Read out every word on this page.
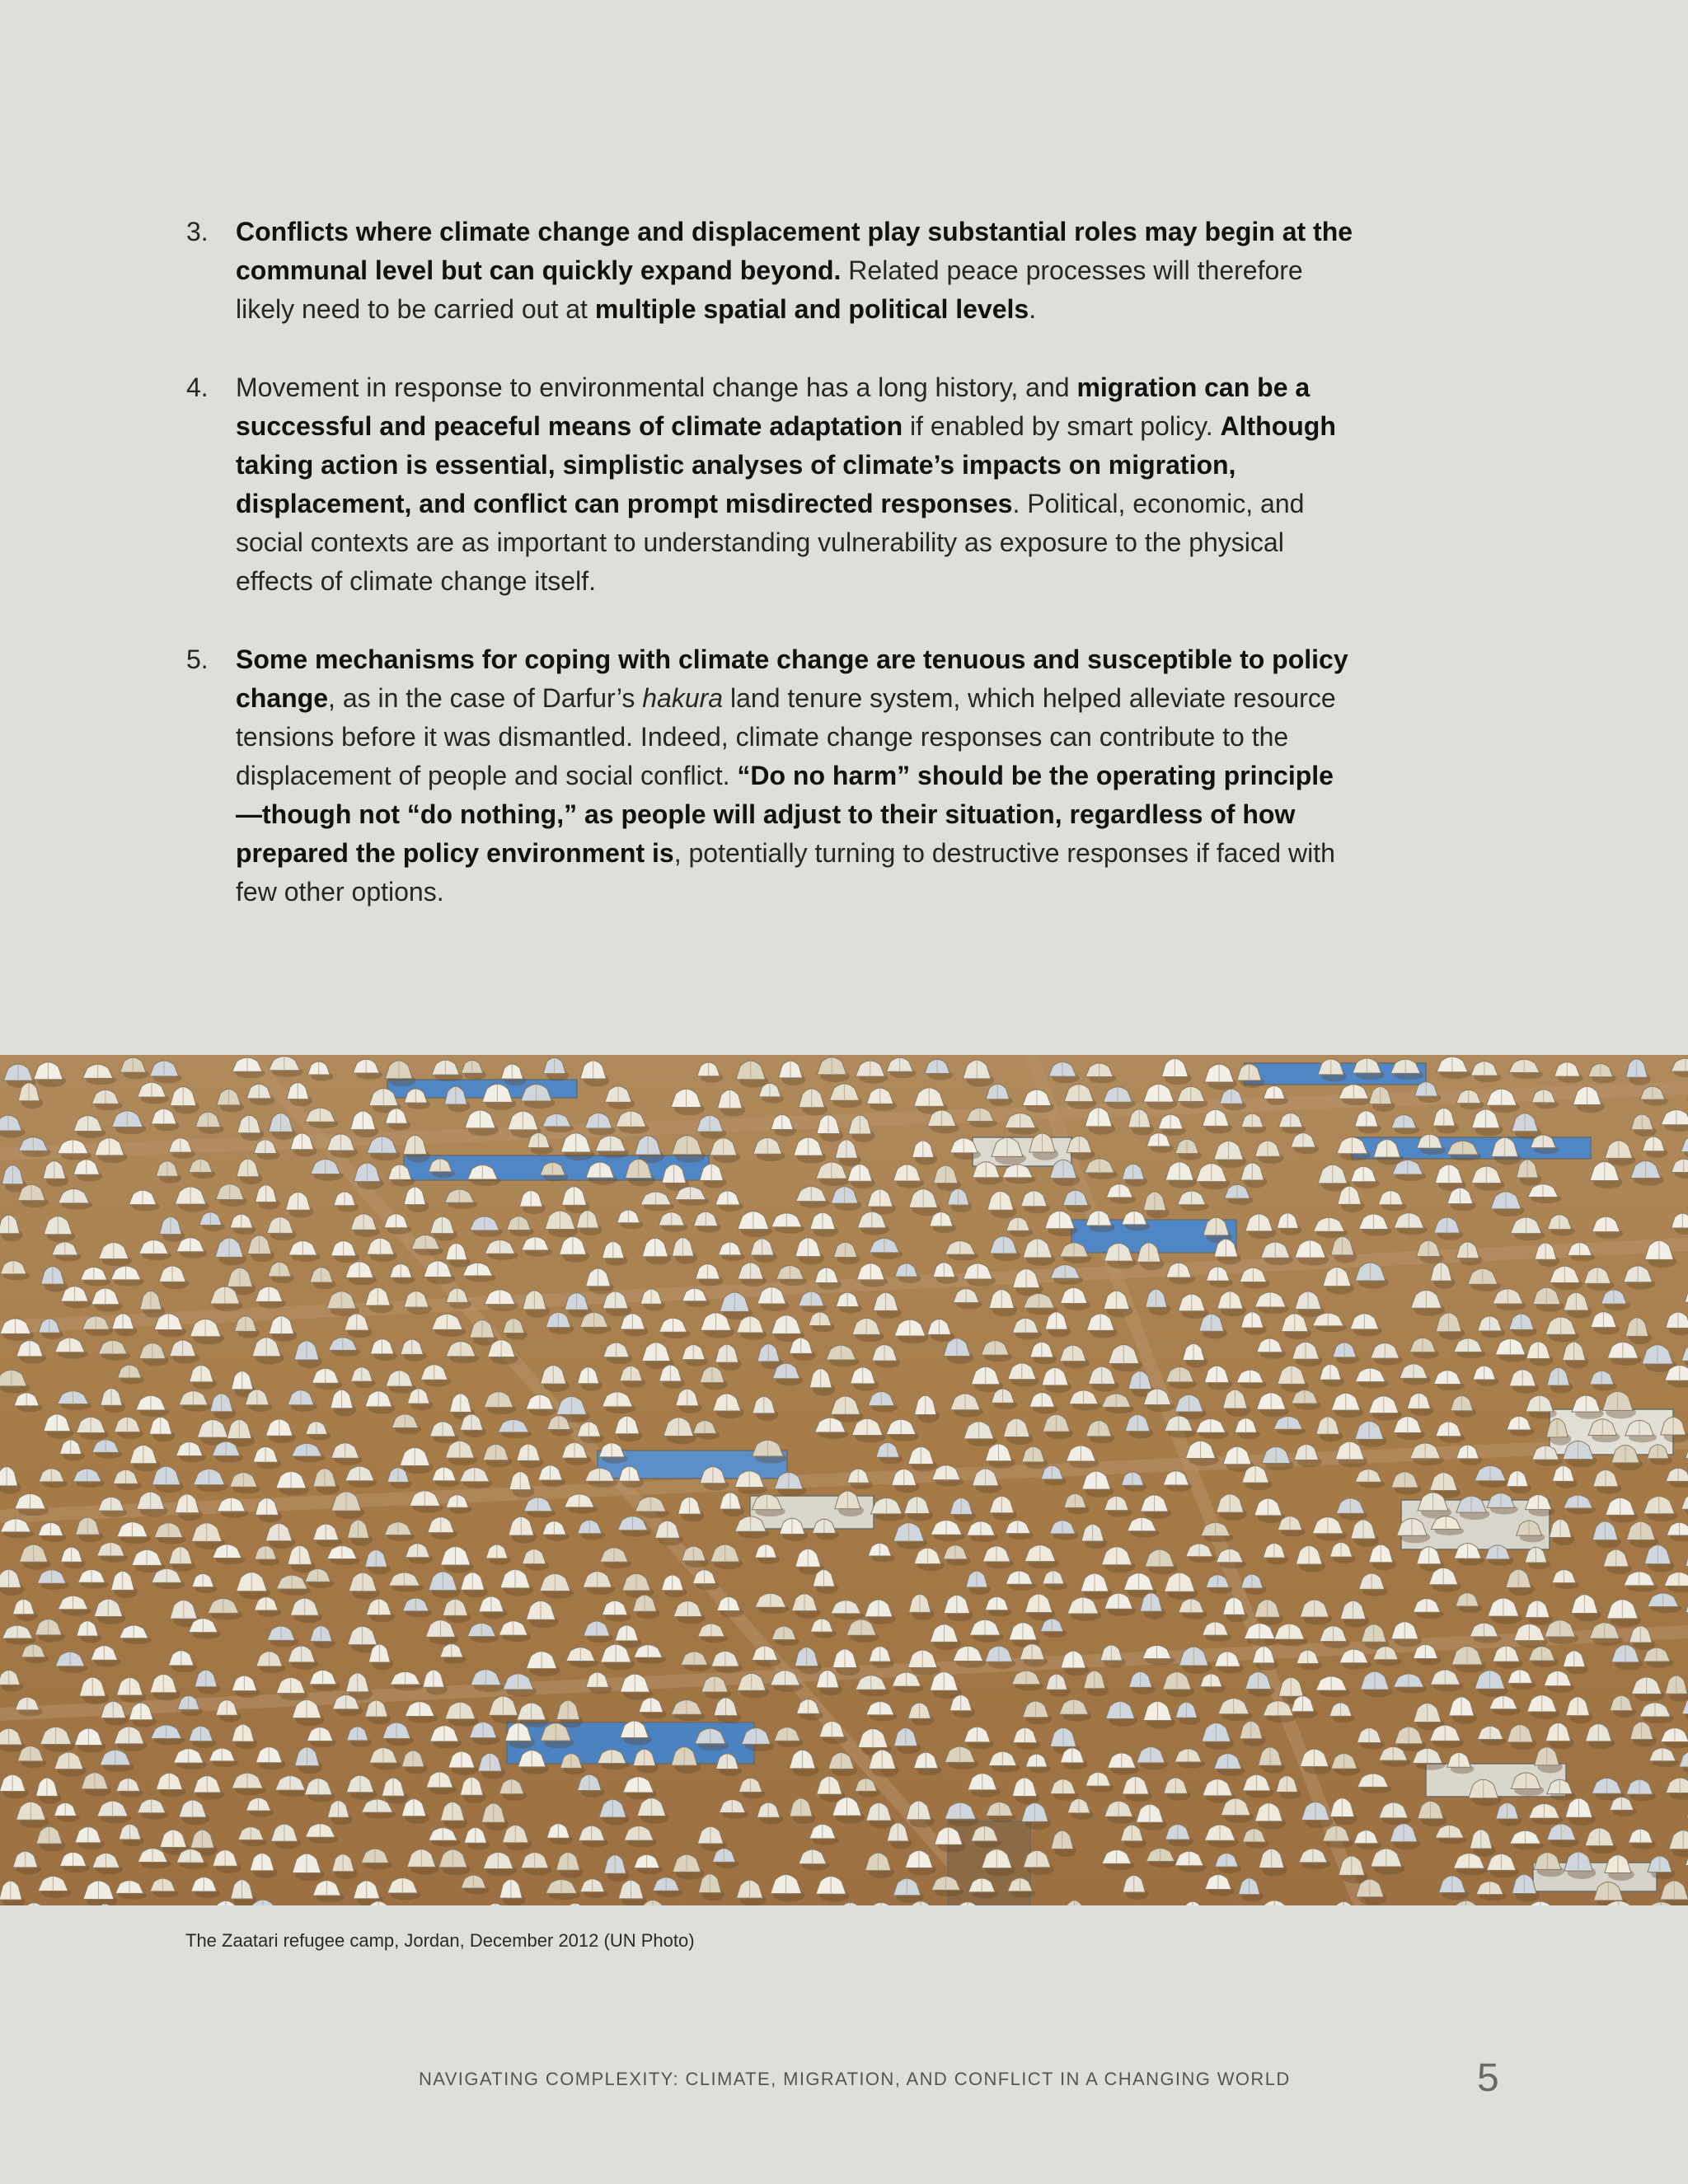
3. Conflicts where climate change and displacement play substantial roles may begin at the communal level but can quickly expand beyond. Related peace processes will therefore likely need to be carried out at multiple spatial and political levels.
4. Movement in response to environmental change has a long history, and migration can be a successful and peaceful means of climate adaptation if enabled by smart policy. Although taking action is essential, simplistic analyses of climate’s impacts on migration, displacement, and conflict can prompt misdirected responses. Political, economic, and social contexts are as important to understanding vulnerability as exposure to the physical effects of climate change itself.
5. Some mechanisms for coping with climate change are tenuous and susceptible to policy change, as in the case of Darfur’s hakura land tenure system, which helped alleviate resource tensions before it was dismantled. Indeed, climate change responses can contribute to the displacement of people and social conflict. “Do no harm” should be the operating principle—though not “do nothing,” as people will adjust to their situation, regardless of how prepared the policy environment is, potentially turning to destructive responses if faced with few other options.
The Zaatari refugee camp, Jordan, December 2012 (UN Photo)
NAVIGATING COMPLEXITY: CLIMATE, MIGRATION, AND CONFLICT IN A CHANGING WORLD	5
